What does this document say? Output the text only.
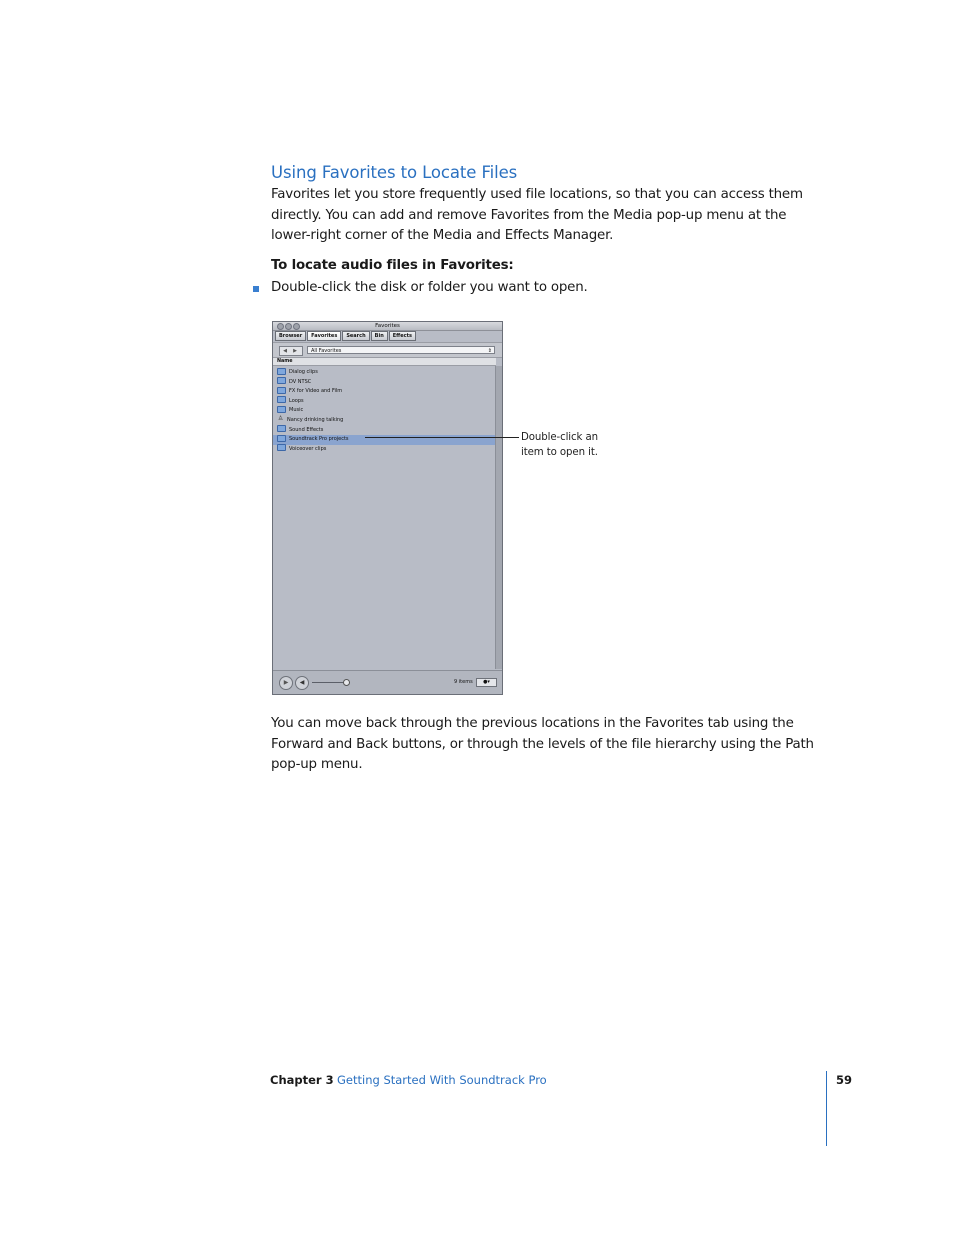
Using Favorites to Locate Files

Favorites let you store frequently used file locations, so that you can access them directly. You can add and remove Favorites from the Media pop-up menu at the lower-right corner of the Media and Effects Manager.

To locate audio files in Favorites:

Double-click the disk or folder you want to open.
Favorites
Browser Favorites Search Bin Effects
◀ ▶	All Favorites	⇕
Name
Dialog clips
DV NTSC
FX for Video and Film
Loops
Music
♙ Nancy drinking talking
Sound Effects
Soundtrack Pro projects
Voiceover clips
▶	◀	9 items	●▾

Double-click an
item to open it.

You can move back through the previous locations in the Favorites tab using the Forward and Back buttons, or through the levels of the file hierarchy using the Path pop-up menu.

Chapter 3 Getting Started With Soundtrack Pro	59
